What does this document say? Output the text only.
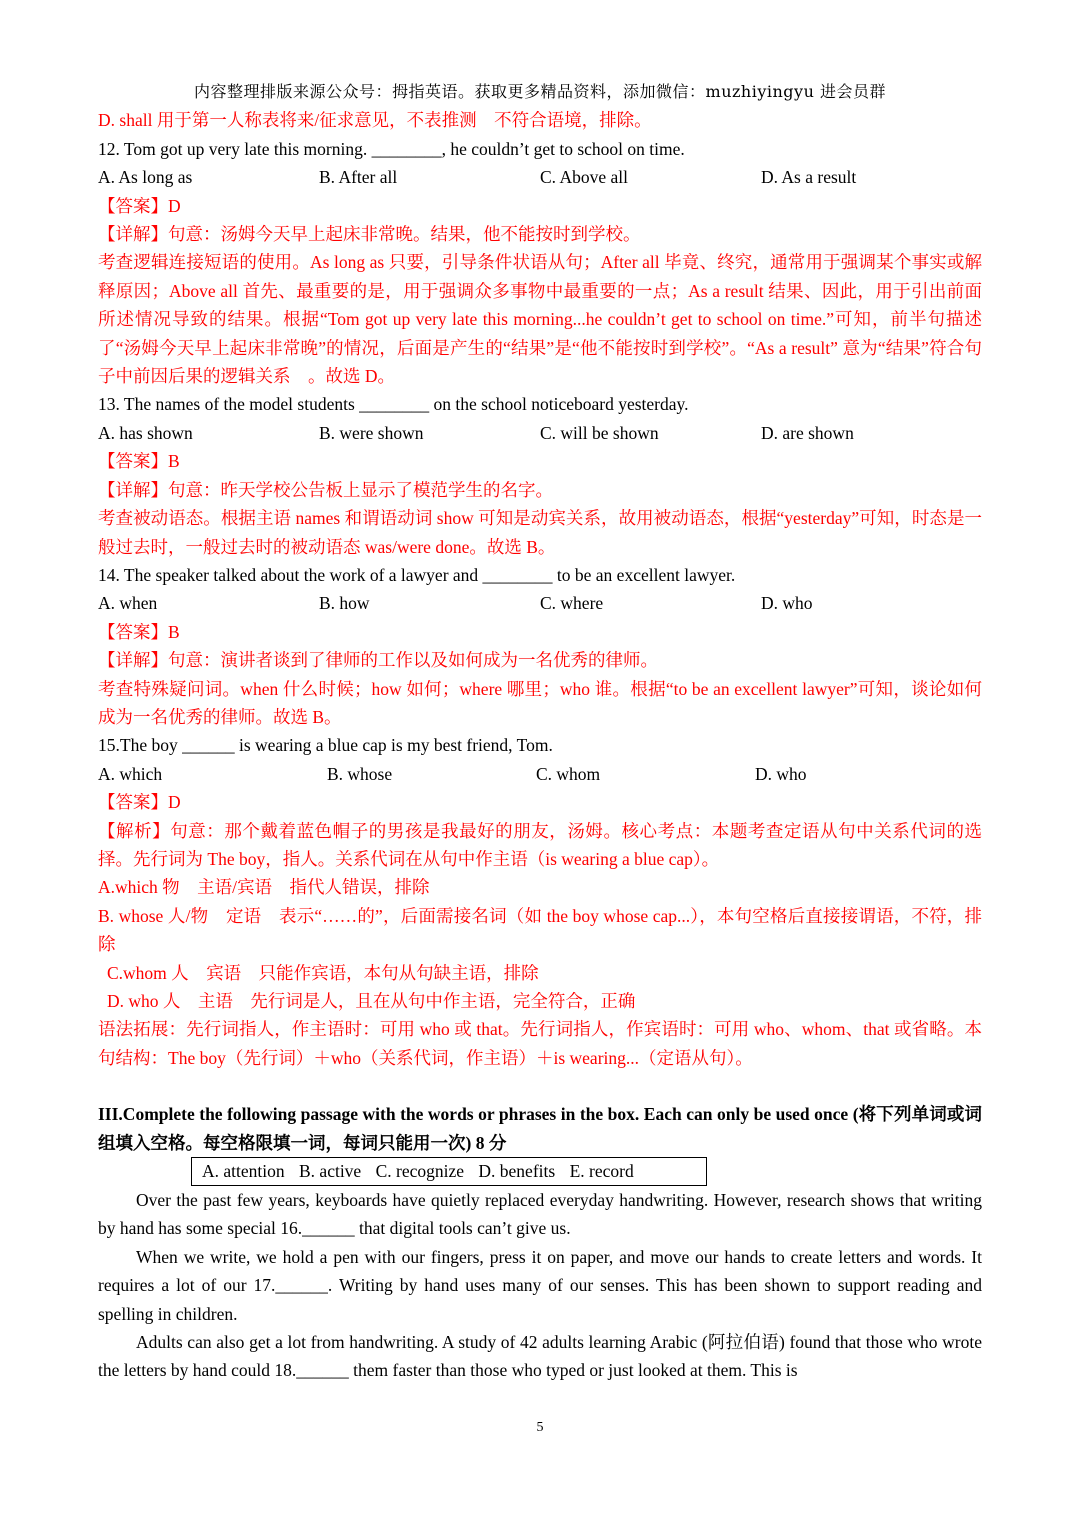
内容整理排版来源公众号：拇指英语。获取更多精品资料，添加微信：muzhiyingyu 进会员群
D. shall 用于第一人称表将来/征求意见，不表推测　不符合语境，排除。
12. Tom got up very late this morning. ________, he couldn’t get to school on time.
A. As long as	B. After all	C. Above all	D. As a result
【答案】D
【详解】句意：汤姆今天早上起床非常晚。结果，他不能按时到学校。
考查逻辑连接短语的使用。As long as 只要，引导条件状语从句；After all 毕竟、终究，通常用于强调某个事实或解释原因；Above all 首先、最重要的是，用于强调众多事物中最重要的一点；As a result 结果、因此，用于引出前面所述情况导致的结果。根据“Tom got up very late this morning...he couldn’t get to school on time.”可知，前半句描述了“汤姆今天早上起床非常晚”的情况，后面是产生的“结果”是“他不能按时到学校”。“As a result” 意为“结果”符合句子中前因后果的逻辑关系　。故选 D。
13. The names of the model students ________ on the school noticeboard yesterday.
A. has shown	B. were shown	C. will be shown	D. are shown
【答案】B
【详解】句意：昨天学校公告板上显示了模范学生的名字。
考查被动语态。根据主语 names 和谓语动词 show 可知是动宾关系，故用被动语态，根据“yesterday”可知，时态是一般过去时，一般过去时的被动语态 was/were done。故选 B。
14. The speaker talked about the work of a lawyer and ________ to be an excellent lawyer.
A. when	B. how	C. where	D. who
【答案】B
【详解】句意：演讲者谈到了律师的工作以及如何成为一名优秀的律师。
考查特殊疑问词。when 什么时候；how 如何；where 哪里；who 谁。根据“to be an excellent lawyer”可知，谈论如何成为一名优秀的律师。故选 B。
15.The boy ______ is wearing a blue cap is my best friend, Tom.
A. which	B. whose	C. whom	D. who
【答案】D
【解析】句意：那个戴着蓝色帽子的男孩是我最好的朋友，汤姆。核心考点：本题考查定语从句中关系代词的选择。先行词为 The boy，指人。关系代词在从句中作主语（is wearing a blue cap）。
A.which 物　主语/宾语　指代人错误，排除
B. whose 人/物　定语　表示“……的”，后面需接名词（如 the boy whose cap...），本句空格后直接接谓语，不符，排除
C.whom 人　宾语　只能作宾语，本句从句缺主语，排除
D. who 人　主语　先行词是人，且在从句中作主语，完全符合，正确
语法拓展：先行词指人，作主语时：可用 who 或 that。先行词指人，作宾语时：可用 who、whom、that 或省略。本句结构：The boy（先行词）＋who（关系代词，作主语）＋is wearing...（定语从句）。
III.Complete the following passage with the words or phrases in the box. Each can only be used once (将下列单词或词组填入空格。每空格限填一词，每词只能用一次) 8 分
A. attention B. active C. recognize D. benefits E. record
Over the past few years, keyboards have quietly replaced everyday handwriting. However, research shows that writing by hand has some special 16.______ that digital tools can’t give us.
When we write, we hold a pen with our fingers, press it on paper, and move our hands to create letters and words. It requires a lot of our 17.______. Writing by hand uses many of our senses. This has been shown to support reading and spelling in children.
Adults can also get a lot from handwriting. A study of 42 adults learning Arabic (阿拉伯语) found that those who wrote the letters by hand could 18.______ them faster than those who typed or just looked at them. This is
5
